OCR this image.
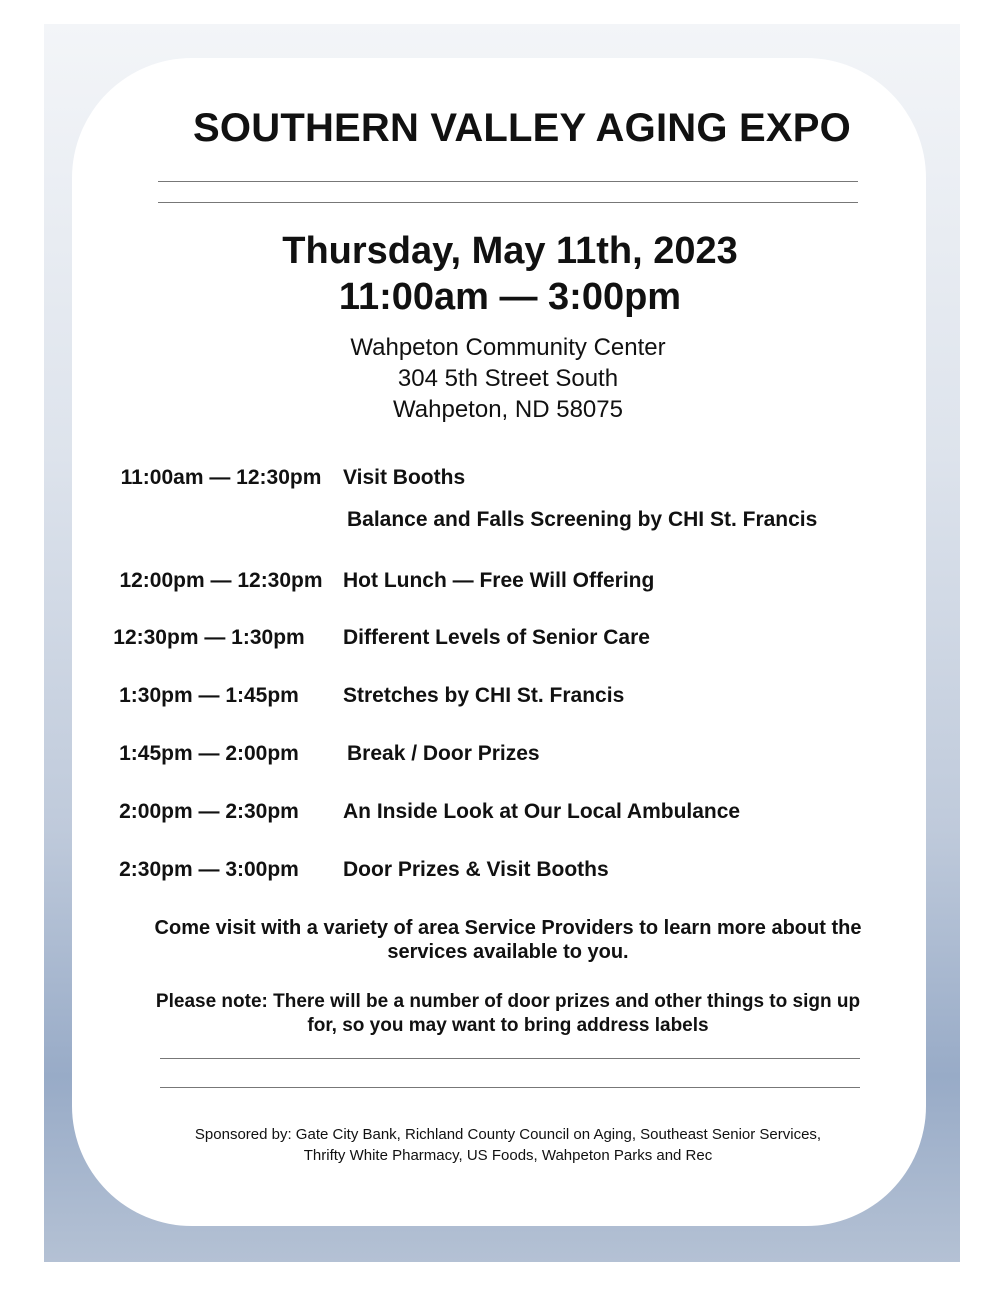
SOUTHERN VALLEY AGING EXPO
Thursday, May 11th, 2023
11:00am — 3:00pm
Wahpeton Community Center
304 5th Street South
Wahpeton, ND 58075
11:00am — 12:30pm	Visit Booths
Balance and Falls Screening by CHI St. Francis
12:00pm — 12:30pm Hot Lunch — Free Will Offering
12:30pm — 1:30pm	Different Levels of Senior Care
1:30pm — 1:45pm	Stretches by CHI St. Francis
1:45pm — 2:00pm	Break / Door Prizes
2:00pm — 2:30pm	An Inside Look at Our Local Ambulance
2:30pm — 3:00pm	Door Prizes & Visit Booths
Come visit with a variety of area Service Providers to learn more about the
services available to you.
Please note: There will be a number of door prizes and other things to sign up
for, so you may want to bring address labels
Sponsored by: Gate City Bank, Richland County Council on Aging, Southeast Senior Services,
Thrifty White Pharmacy, US Foods, Wahpeton Parks and Rec
